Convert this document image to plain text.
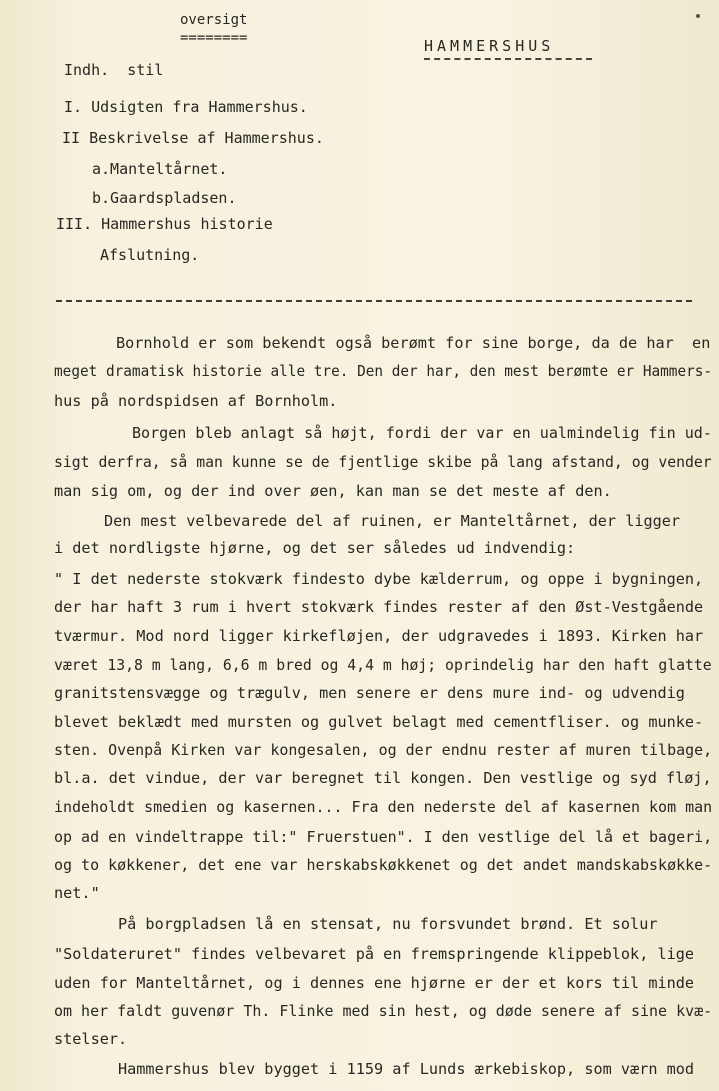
oversigt
========	HAMMERSHUS
Indh.  stil
I. Udsigten fra Hammershus.
II Beskrivelse af Hammershus.
a.Manteltårnet.
b.Gaardspladsen.
III. Hammershus historie
Afslutning.
Bornhold er som bekendt også berømt for sine borge, da de har  en
meget dramatisk historie alle tre. Den der har, den mest berømte er Hammers-
hus på nordspidsen af Bornholm.
Borgen bleb anlagt så højt, fordi der var en ualmindelig fin ud-
sigt derfra, så man kunne se de fjentlige skibe på lang afstand, og vender
man sig om, og der ind over øen, kan man se det meste af den.
Den mest velbevarede del af ruinen, er Manteltårnet, der ligger
i det nordligste hjørne, og det ser således ud indvendig:
" I det nederste stokværk findesto dybe kælderrum, og oppe i bygningen,
der har haft 3 rum i hvert stokværk findes rester af den Øst-Vestgående
tværmur. Mod nord ligger kirkefløjen, der udgravedes i 1893. Kirken har
været 13,8 m lang, 6,6 m bred og 4,4 m høj; oprindelig har den haft glatte
granitstensvægge og trægulv, men senere er dens mure ind- og udvendig
blevet beklædt med mursten og gulvet belagt med cementfliser. og munke-
sten. Ovenpå Kirken var kongesalen, og der endnu rester af muren tilbage,
bl.a. det vindue, der var beregnet til kongen. Den vestlige og syd fløj,
indeholdt smedien og kasernen... Fra den nederste del af kasernen kom man
op ad en vindeltrappe til:" Fruerstuen". I den vestlige del lå et bageri,
og to køkkener, det ene var herskabskøkkenet og det andet mandskabskøkke-
net."
På borgpladsen lå en stensat, nu forsvundet brønd. Et solur
"Soldateruret" findes velbevaret på en fremspringende klippeblok, lige
uden for Manteltårnet, og i dennes ene hjørne er der et kors til minde
om her faldt guvenør Th. Flinke med sin hest, og døde senere af sine kvæ-
stelser.
Hammershus blev bygget i 1159 af Lunds ærkebiskop, som værn mod
